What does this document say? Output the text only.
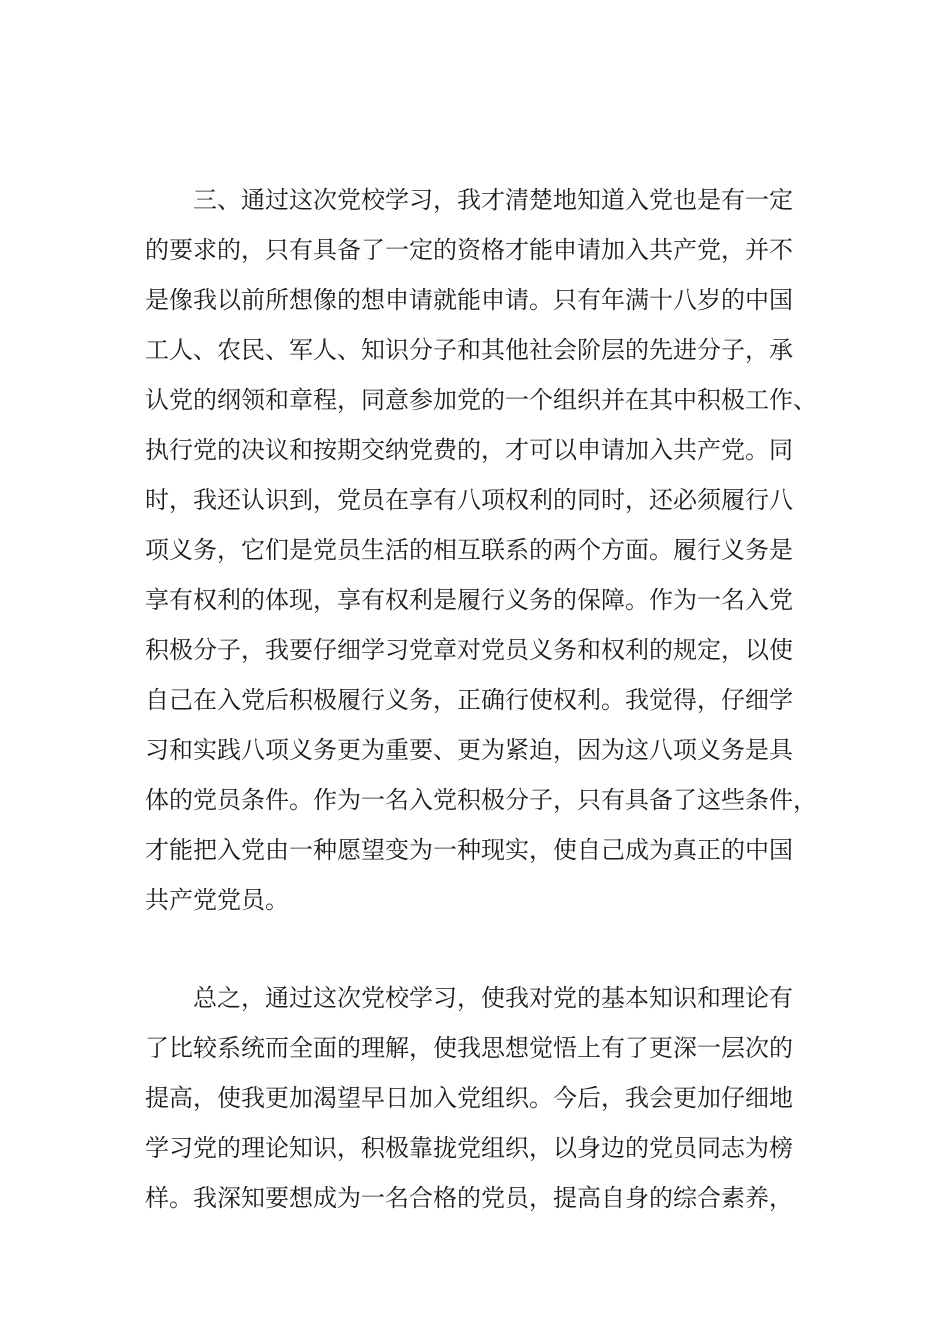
三、通过这次党校学习，我才清楚地知道入党也是有一定
的要求的，只有具备了一定的资格才能申请加入共产党，并不
是像我以前所想像的想申请就能申请。只有年满十八岁的中国
工人、农民、军人、知识分子和其他社会阶层的先进分子，承
认党的纲领和章程，同意参加党的一个组织并在其中积极工作、
执行党的决议和按期交纳党费的，才可以申请加入共产党。同
时，我还认识到，党员在享有八项权利的同时，还必须履行八
项义务，它们是党员生活的相互联系的两个方面。履行义务是
享有权利的体现，享有权利是履行义务的保障。作为一名入党
积极分子，我要仔细学习党章对党员义务和权利的规定，以使
自己在入党后积极履行义务，正确行使权利。我觉得，仔细学
习和实践八项义务更为重要、更为紧迫，因为这八项义务是具
体的党员条件。作为一名入党积极分子，只有具备了这些条件，
才能把入党由一种愿望变为一种现实，使自己成为真正的中国
共产党党员。
总之，通过这次党校学习，使我对党的基本知识和理论有
了比较系统而全面的理解，使我思想觉悟上有了更深一层次的
提高，使我更加渴望早日加入党组织。今后，我会更加仔细地
学习党的理论知识，积极靠拢党组织，以身边的党员同志为榜
样。我深知要想成为一名合格的党员，提高自身的综合素养，
